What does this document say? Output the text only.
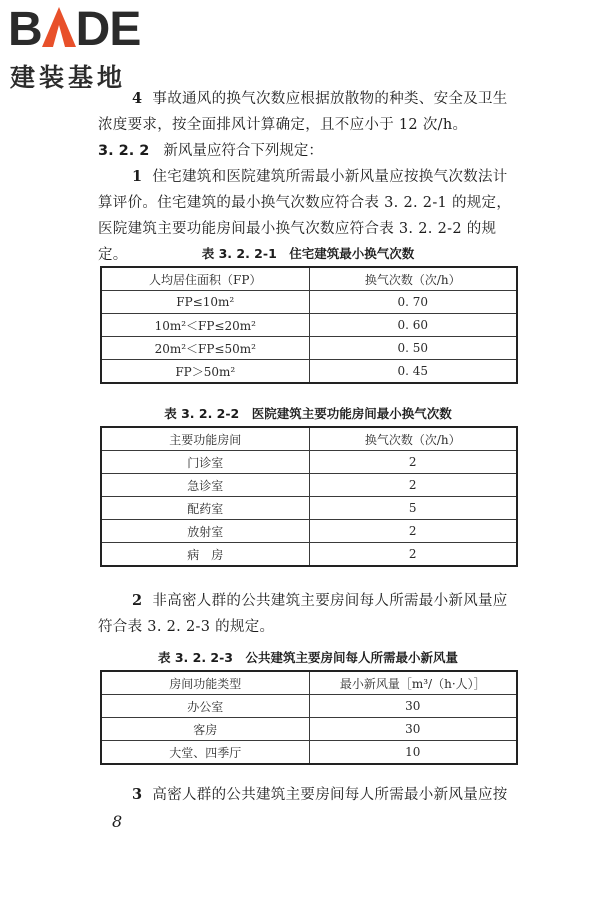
B DE
建装基地
4 事故通风的换气次数应根据放散物的种类、安全及卫生浓度要求，按全面排风计算确定，且不应小于 12 次/h。
3. 2. 2 新风量应符合下列规定：
1 住宅建筑和医院建筑所需最小新风量应按换气次数法计算评价。住宅建筑的最小换气次数应符合表 3. 2. 2-1 的规定，医院建筑主要功能房间最小换气次数应符合表 3. 2. 2-2 的规定。	表 3. 2. 2-1　住宅建筑最小换气次数
人均居住面积（FP）	换气次数（次/h）
FP≤10m²	0. 70
10m²＜FP≤20m²	0. 60
20m²＜FP≤50m²	0. 50
FP＞50m²	0. 45
表 3. 2. 2-2　医院建筑主要功能房间最小换气次数
主要功能房间	换气次数（次/h）
门诊室	2
急诊室	2
配药室	5
放射室	2
病　房	2
2 非高密人群的公共建筑主要房间每人所需最小新风量应符合表 3. 2. 2-3 的规定。
表 3. 2. 2-3　公共建筑主要房间每人所需最小新风量
房间功能类型	最小新风量［m³/（h·人）］
办公室	30
客房	30
大堂、四季厅	10
3 高密人群的公共建筑主要房间每人所需最小新风量应按
8
